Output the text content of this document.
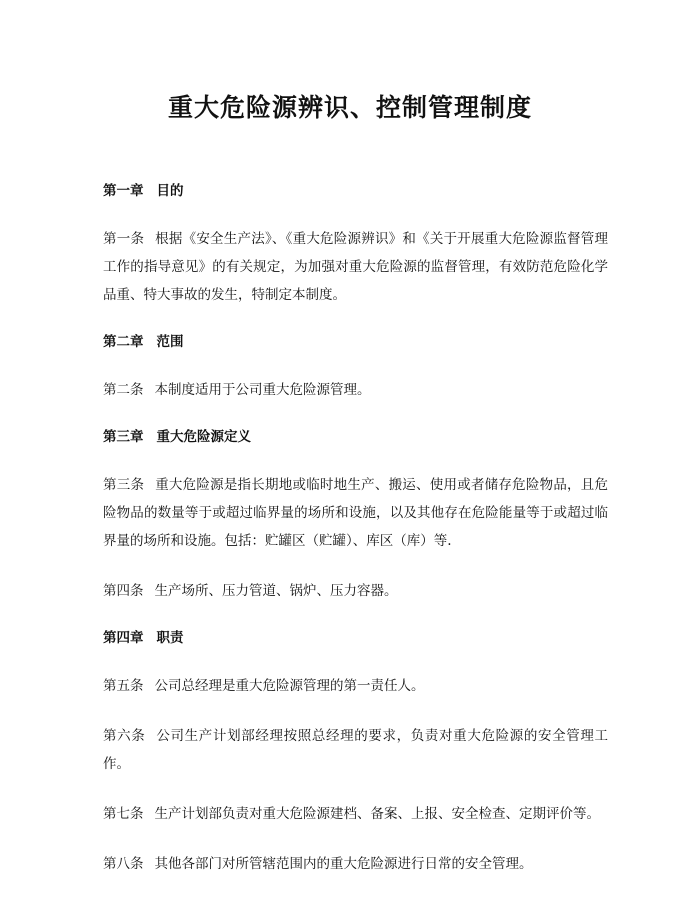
重大危险源辨识、控制管理制度
第一章 目的

第一条 根据《安全生产法》、《重大危险源辨识》和《关于开展重大危险源监督管理工作的指导意见》的有关规定，为加强对重大危险源的监督管理，有效防范危险化学品重、特大事故的发生，特制定本制度。

第二章 范围

第二条 本制度适用于公司重大危险源管理。

第三章 重大危险源定义

第三条 重大危险源是指长期地或临时地生产、搬运、使用或者储存危险物品，且危险物品的数量等于或超过临界量的场所和设施，以及其他存在危险能量等于或超过临界量的场所和设施。包括：贮罐区（贮罐）、库区（库）等.

第四条 生产场所、压力管道、锅炉、压力容器。

第四章 职责

第五条 公司总经理是重大危险源管理的第一责任人。

第六条 公司生产计划部经理按照总经理的要求，负责对重大危险源的安全管理工作。

第七条 生产计划部负责对重大危险源建档、备案、上报、安全检查、定期评价等。

第八条 其他各部门对所管辖范围内的重大危险源进行日常的安全管理。
